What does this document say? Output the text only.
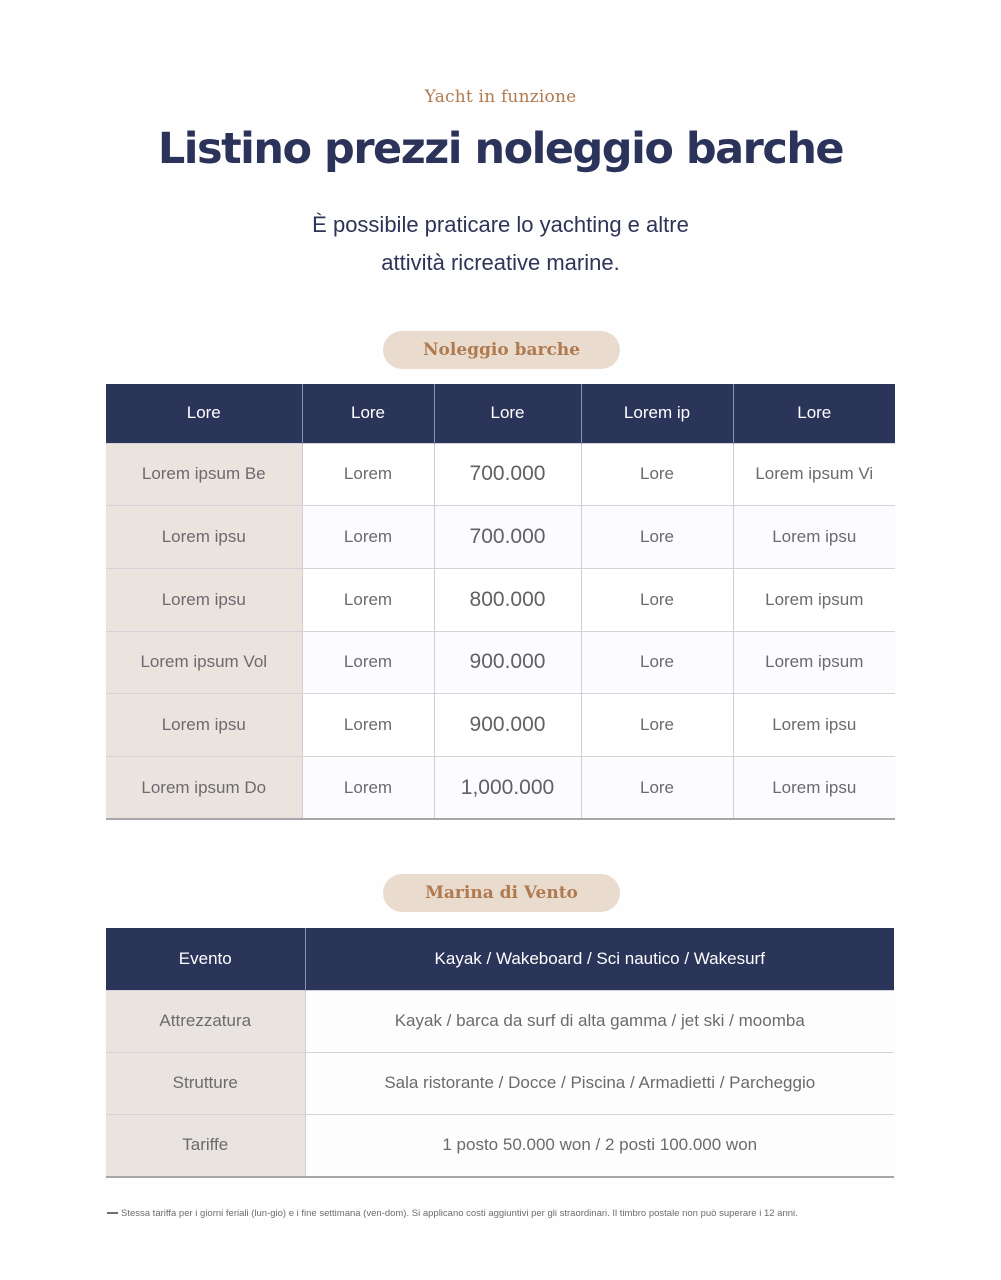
Yacht in funzione
Listino prezzi noleggio barche

È possibile praticare lo yachting e altre
attività ricreative marine.

Noleggio barche
Lore	Lore	Lore	Lorem ip	Lore
Lorem ipsum Be	Lorem	700.000	Lore	Lorem ipsum Vi
Lorem ipsu	Lorem	700.000	Lore	Lorem ipsu
Lorem ipsu	Lorem	800.000	Lore	Lorem ipsum
Lorem ipsum Vol	Lorem	900.000	Lore	Lorem ipsum
Lorem ipsu	Lorem	900.000	Lore	Lorem ipsu
Lorem ipsum Do	Lorem	1,000.000	Lore	Lorem ipsu
Marina di Vento
Evento	Kayak / Wakeboard / Sci nautico / Wakesurf
Attrezzatura	Kayak / barca da surf di alta gamma / jet ski / moomba
Strutture	Sala ristorante / Docce / Piscina / Armadietti / Parcheggio
Tariffe	1 posto 50.000 won / 2 posti 100.000 won
Stessa tariffa per i giorni feriali (lun-gio) e i fine settimana (ven-dom). Si applicano costi aggiuntivi per gli straordinari. Il timbro postale non può superare i 12 anni.
